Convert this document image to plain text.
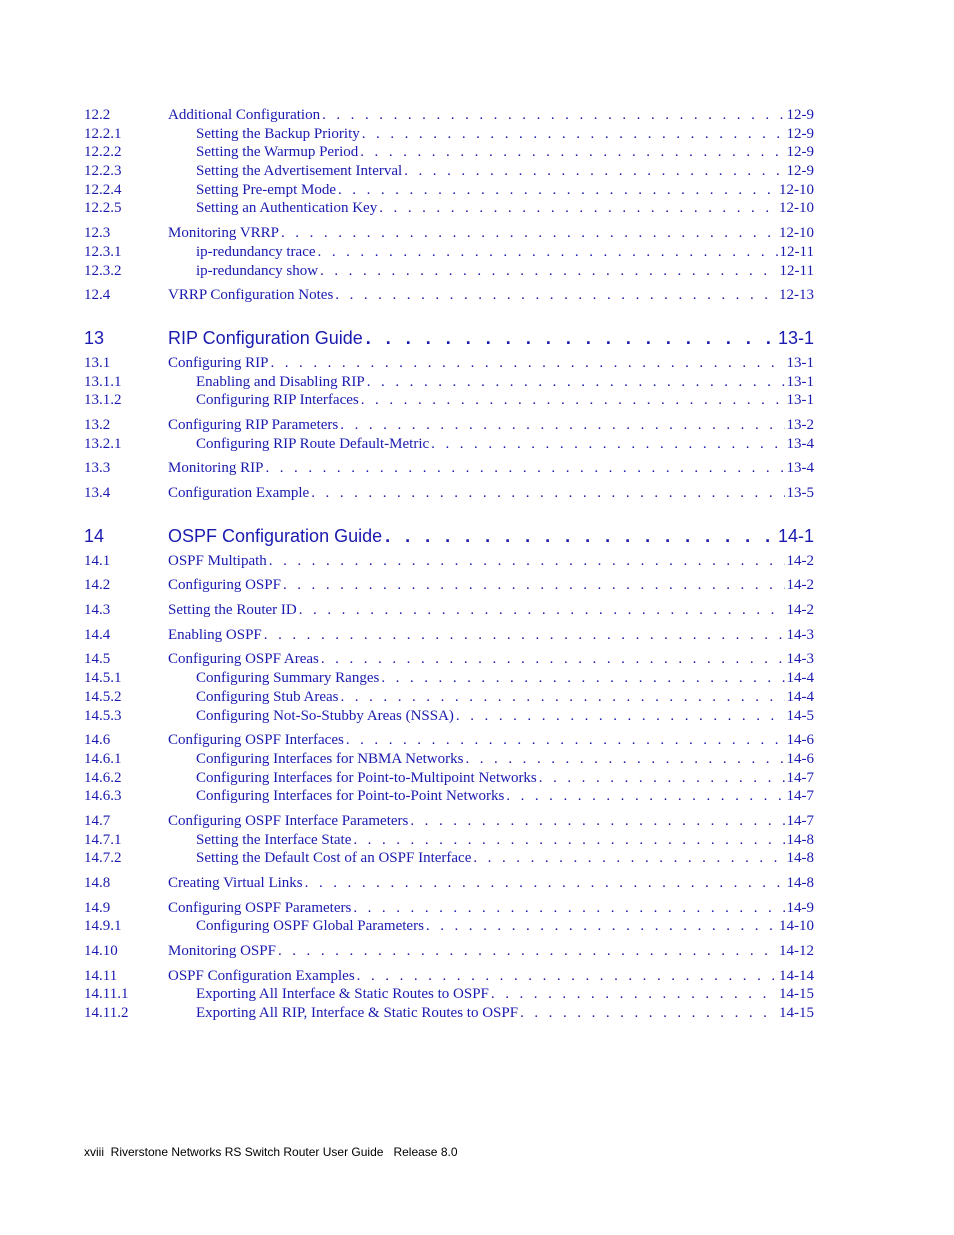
12.2	Additional Configuration . . .	12-9
12.2.1	Setting the Backup Priority . . .	12-9
12.2.2	Setting the Warmup Period . . .	12-9
12.2.3	Setting the Advertisement Interval . . .	12-9
12.2.4	Setting Pre-empt Mode . . .	12-10
12.2.5	Setting an Authentication Key . . .	12-10
12.3	Monitoring VRRP . . .	12-10
12.3.1	ip-redundancy trace . . .	12-11
12.3.2	ip-redundancy show . . .	12-11
12.4	VRRP Configuration Notes . . .	12-13
13	RIP Configuration Guide . . .	13-1
13.1	Configuring RIP . . .	13-1
13.1.1	Enabling and Disabling RIP . . .	13-1
13.1.2	Configuring RIP Interfaces . . .	13-1
13.2	Configuring RIP Parameters . . .	13-2
13.2.1	Configuring RIP Route Default-Metric . . .	13-4
13.3	Monitoring RIP . . .	13-4
13.4	Configuration Example . . .	13-5
14	OSPF Configuration Guide . . .	14-1
14.1	OSPF Multipath . . .	14-2
14.2	Configuring OSPF . . .	14-2
14.3	Setting the Router ID . . .	14-2
14.4	Enabling OSPF . . .	14-3
14.5	Configuring OSPF Areas . . .	14-3
14.5.1	Configuring Summary Ranges . . .	14-4
14.5.2	Configuring Stub Areas . . .	14-4
14.5.3	Configuring Not-So-Stubby Areas (NSSA) . . .	14-5
14.6	Configuring OSPF Interfaces . . .	14-6
14.6.1	Configuring Interfaces for NBMA Networks . . .	14-6
14.6.2	Configuring Interfaces for Point-to-Multipoint Networks . . .	14-7
14.6.3	Configuring Interfaces for Point-to-Point Networks . . .	14-7
14.7	Configuring OSPF Interface Parameters . . .	14-7
14.7.1	Setting the Interface State . . .	14-8
14.7.2	Setting the Default Cost of an OSPF Interface . . .	14-8
14.8	Creating Virtual Links . . .	14-8
14.9	Configuring OSPF Parameters . . .	14-9
14.9.1	Configuring OSPF Global Parameters . . .	14-10
14.10	Monitoring OSPF . . .	14-12
14.11	OSPF Configuration Examples . . .	14-14
14.11.1	Exporting All Interface & Static Routes to OSPF . . .	14-15
14.11.2	Exporting All RIP, Interface & Static Routes to OSPF . . .	14-15
xviii Riverstone Networks RS Switch Router User Guide Release 8.0
